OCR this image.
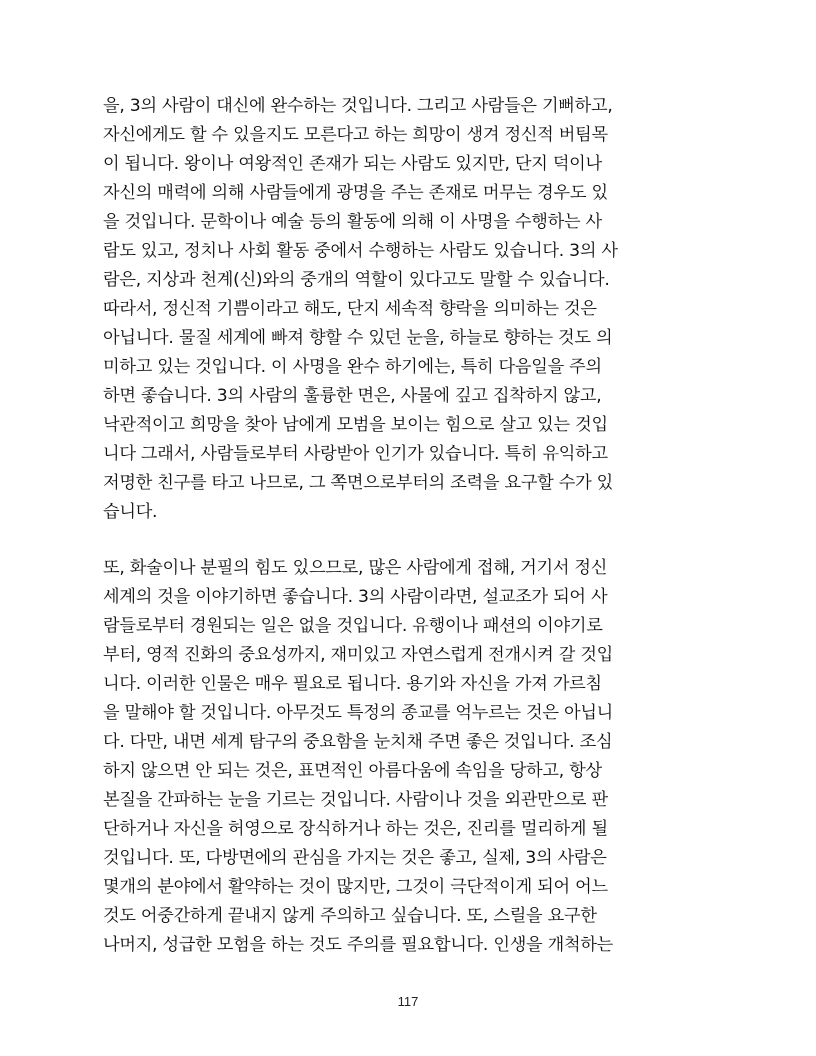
을, 3의 사람이 대신에 완수하는 것입니다. 그리고 사람들은 기뻐하고,
자신에게도 할 수 있을지도 모른다고 하는 희망이 생겨 정신적 버팀목
이 됩니다. 왕이나 여왕적인 존재가 되는 사람도 있지만, 단지 덕이나
자신의 매력에 의해 사람들에게 광명을 주는 존재로 머무는 경우도 있
을 것입니다. 문학이나 예술 등의 활동에 의해 이 사명을 수행하는 사
람도 있고, 정치나 사회 활동 중에서 수행하는 사람도 있습니다. 3의 사
람은, 지상과 천계(신)와의 중개의 역할이 있다고도 말할 수 있습니다.
따라서, 정신적 기쁨이라고 해도, 단지 세속적 향락을 의미하는 것은
아닙니다. 물질 세계에 빠져 향할 수 있던 눈을, 하늘로 향하는 것도 의
미하고 있는 것입니다. 이 사명을 완수 하기에는, 특히 다음일을 주의
하면 좋습니다. 3의 사람의 훌륭한 면은, 사물에 깊고 집착하지 않고,
낙관적이고 희망을 찾아 남에게 모범을 보이는 힘으로 살고 있는 것입
니다 그래서, 사람들로부터 사랑받아 인기가 있습니다. 특히 유익하고
저명한 친구를 타고 나므로, 그 쪽면으로부터의 조력을 요구할 수가 있
습니다.
또, 화술이나 분필의 힘도 있으므로, 많은 사람에게 접해, 거기서 정신
세계의 것을 이야기하면 좋습니다. 3의 사람이라면, 설교조가 되어 사
람들로부터 경원되는 일은 없을 것입니다. 유행이나 패션의 이야기로
부터, 영적 진화의 중요성까지, 재미있고 자연스럽게 전개시켜 갈 것입
니다. 이러한 인물은 매우 필요로 됩니다. 용기와 자신을 가져 가르침
을 말해야 할 것입니다. 아무것도 특정의 종교를 억누르는 것은 아닙니
다. 다만, 내면 세계 탐구의 중요함을 눈치채 주면 좋은 것입니다. 조심
하지 않으면 안 되는 것은, 표면적인 아름다움에 속임을 당하고, 항상
본질을 간파하는 눈을 기르는 것입니다. 사람이나 것을 외관만으로 판
단하거나 자신을 허영으로 장식하거나 하는 것은, 진리를 멀리하게 될
것입니다. 또, 다방면에의 관심을 가지는 것은 좋고, 실제, 3의 사람은
몇개의 분야에서 활약하는 것이 많지만, 그것이 극단적이게 되어 어느
것도 어중간하게 끝내지 않게 주의하고 싶습니다. 또, 스릴을 요구한
나머지, 성급한 모험을 하는 것도 주의를 필요합니다. 인생을 개척하는
117
